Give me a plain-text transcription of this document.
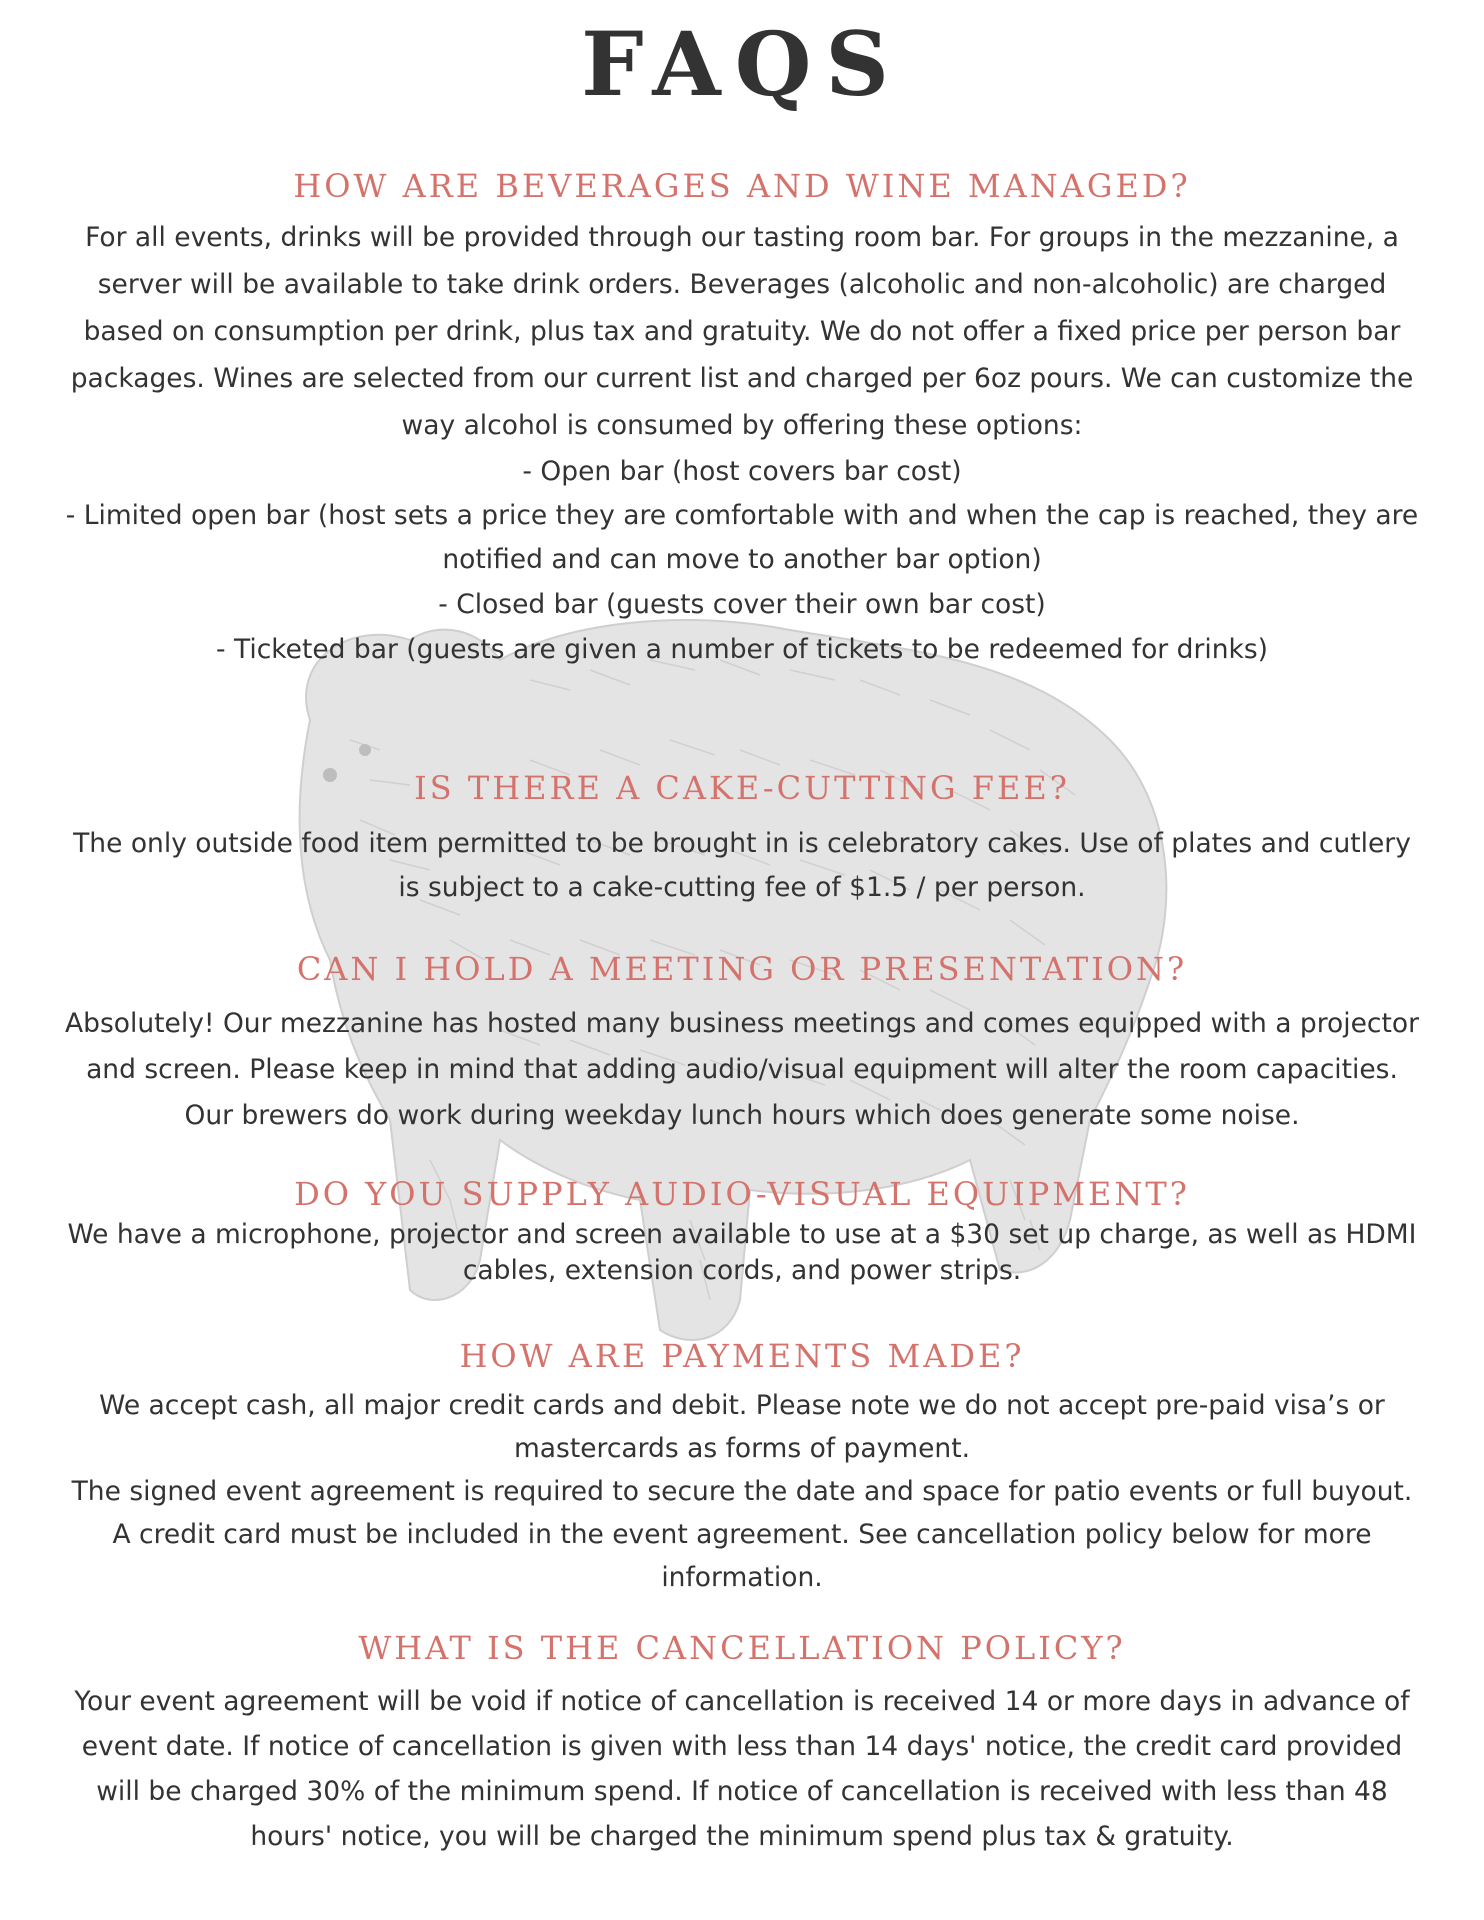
FAQS
HOW ARE BEVERAGES AND WINE MANAGED?

For all events, drinks will be provided through our tasting room bar. For groups in the mezzanine, a server will be available to take drink orders. Beverages (alcoholic and non-alcoholic) are charged based on consumption per drink, plus tax and gratuity. We do not offer a fixed price per person bar packages. Wines are selected from our current list and charged per 6oz pours. We can customize the way alcohol is consumed by offering these options:

- Open bar (host covers bar cost)

- Limited open bar (host sets a price they are comfortable with and when the cap is reached, they are notified and can move to another bar option)

- Closed bar (guests cover their own bar cost)

- Ticketed bar (guests are given a number of tickets to be redeemed for drinks)

IS THERE A CAKE-CUTTING FEE?

The only outside food item permitted to be brought in is celebratory cakes. Use of plates and cutlery is subject to a cake-cutting fee of $1.5 / per person.

CAN I HOLD A MEETING OR PRESENTATION?

Absolutely! Our mezzanine has hosted many business meetings and comes equipped with a projector and screen. Please keep in mind that adding audio/visual equipment will alter the room capacities. Our brewers do work during weekday lunch hours which does generate some noise.

DO YOU SUPPLY AUDIO-VISUAL EQUIPMENT?

We have a microphone, projector and screen available to use at a $30 set up charge, as well as HDMI cables, extension cords, and power strips.

HOW ARE PAYMENTS MADE?

We accept cash, all major credit cards and debit. Please note we do not accept pre-paid visa’s or mastercards as forms of payment.

The signed event agreement is required to secure the date and space for patio events or full buyout. A credit card must be included in the event agreement. See cancellation policy below for more information.

WHAT IS THE CANCELLATION POLICY?

Your event agreement will be void if notice of cancellation is received 14 or more days in advance of event date. If notice of cancellation is given with less than 14 days' notice, the credit card provided will be charged 30% of the minimum spend. If notice of cancellation is received with less than 48 hours' notice, you will be charged the minimum spend plus tax & gratuity.
